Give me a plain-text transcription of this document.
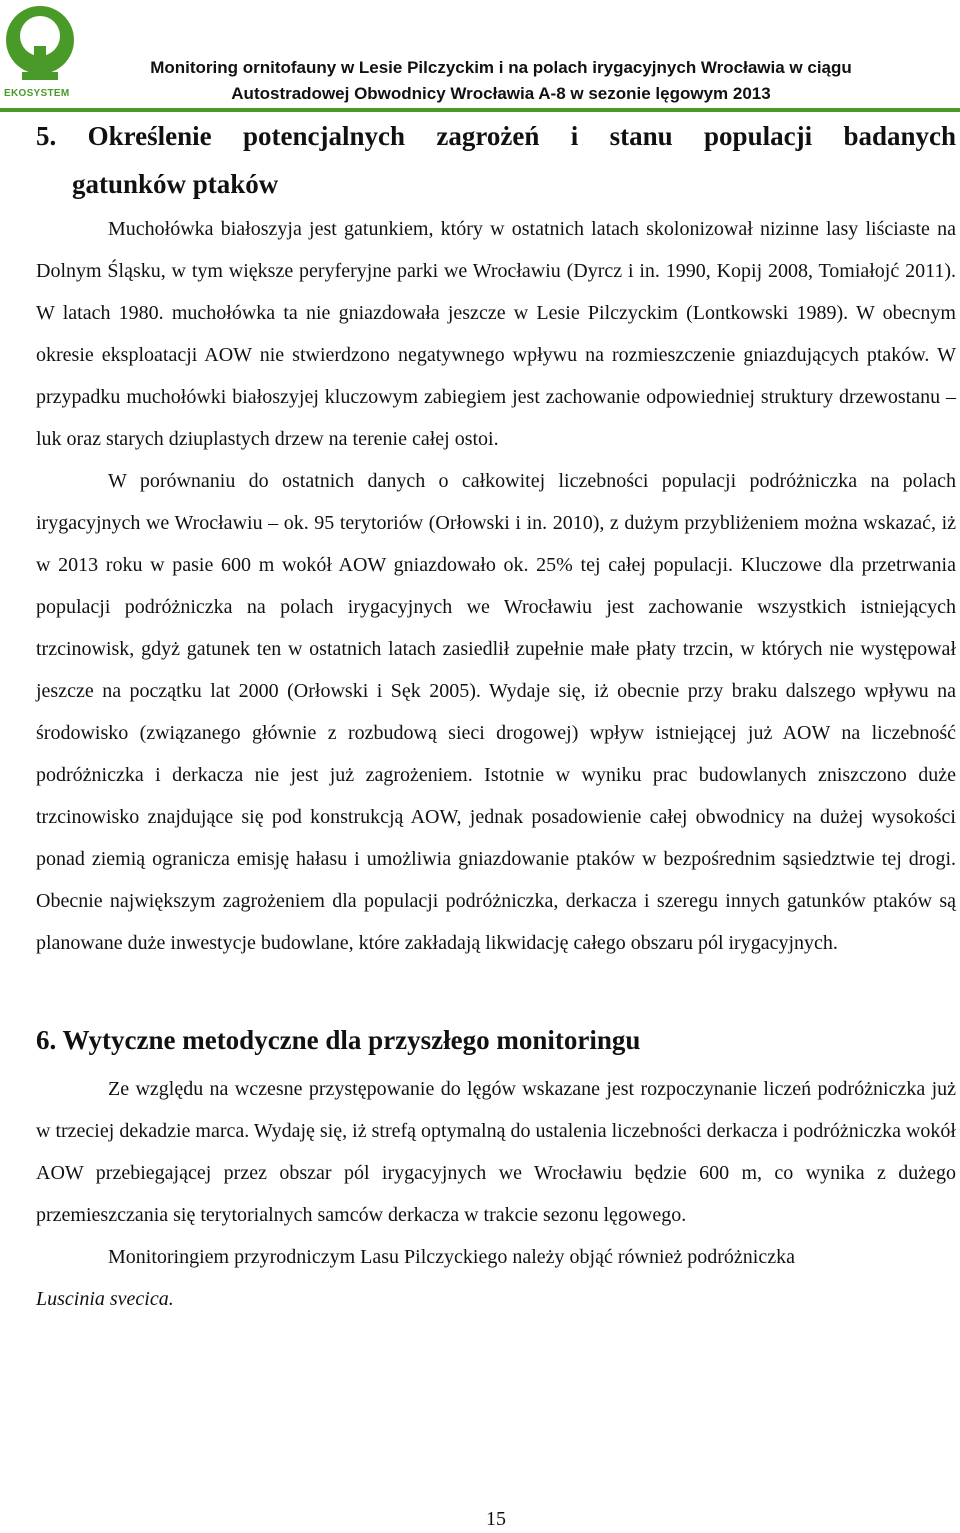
EKOSYSTEM
Monitoring ornitofauny w Lesie Pilczyckim i na polach irygacyjnych Wrocławia w ciągu
Autostradowej Obwodnicy Wrocławia A-8 w sezonie lęgowym 2013
5. Określenie potencjalnych zagrożeń i stanu populacji badanych
gatunków ptaków

Muchołówka białoszyja jest gatunkiem, który w ostatnich latach skolonizował nizinne lasy liściaste na Dolnym Śląsku, w tym większe peryferyjne parki we Wrocławiu (Dyrcz i in. 1990, Kopij 2008, Tomiałojć 2011). W latach 1980. muchołówka ta nie gniazdowała jeszcze w Lesie Pilczyckim (Lontkowski 1989). W obecnym okresie eksploatacji AOW nie stwierdzono negatywnego wpływu na rozmieszczenie gniazdujących ptaków. W przypadku muchołówki białoszyjej kluczowym zabiegiem jest zachowanie odpowiedniej struktury drzewostanu – luk oraz starych dziuplastych drzew na terenie całej ostoi.

W porównaniu do ostatnich danych o całkowitej liczebności populacji podróżniczka na polach irygacyjnych we Wrocławiu – ok. 95 terytoriów (Orłowski i in. 2010), z dużym przybliżeniem można wskazać, iż w 2013 roku w pasie 600 m wokół AOW gniazdowało ok. 25% tej całej populacji. Kluczowe dla przetrwania populacji podróżniczka na polach irygacyjnych we Wrocławiu jest zachowanie wszystkich istniejących trzcinowisk, gdyż gatunek ten w ostatnich latach zasiedlił zupełnie małe płaty trzcin, w których nie występował jeszcze na początku lat 2000 (Orłowski i Sęk 2005). Wydaje się, iż obecnie przy braku dalszego wpływu na środowisko (związanego głównie z rozbudową sieci drogowej) wpływ istniejącej już AOW na liczebność podróżniczka i derkacza nie jest już zagrożeniem. Istotnie w wyniku prac budowlanych zniszczono duże trzcinowisko znajdujące się pod konstrukcją AOW, jednak posadowienie całej obwodnicy na dużej wysokości ponad ziemią ogranicza emisję hałasu i umożliwia gniazdowanie ptaków w bezpośrednim sąsiedztwie tej drogi. Obecnie największym zagrożeniem dla populacji podróżniczka, derkacza i szeregu innych gatunków ptaków są planowane duże inwestycje budowlane, które zakładają likwidację całego obszaru pól irygacyjnych.

6. Wytyczne metodyczne dla przyszłego monitoringu

Ze względu na wczesne przystępowanie do lęgów wskazane jest rozpoczynanie liczeń podróżniczka już w trzeciej dekadzie marca. Wydaję się, iż strefą optymalną do ustalenia liczebności derkacza i podróżniczka wokół AOW przebiegającej przez obszar pól irygacyjnych we Wrocławiu będzie 600 m, co wynika z dużego przemieszczania się terytorialnych samców derkacza w trakcie sezonu lęgowego.

Monitoringiem przyrodniczym Lasu Pilczyckiego należy objąć również podróżniczka

Luscinia svecica.

15
